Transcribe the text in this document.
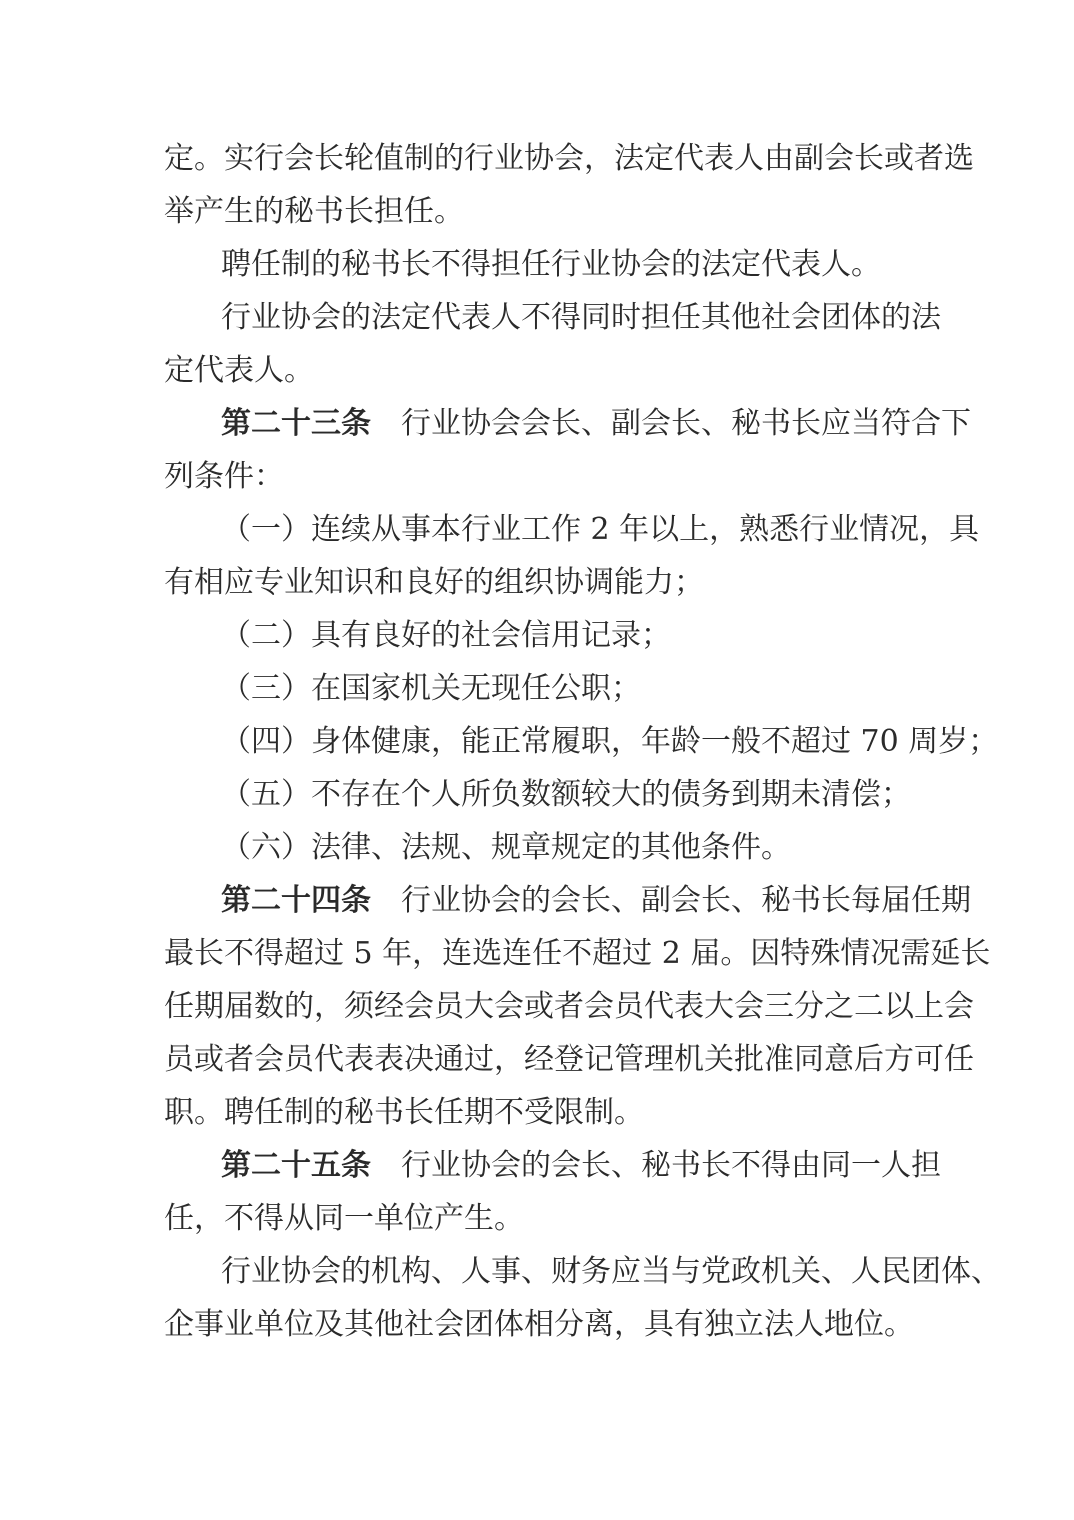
定。实行会长轮值制的行业协会，法定代表人由副会长或者选
举产生的秘书长担任。
聘任制的秘书长不得担任行业协会的法定代表人。
行业协会的法定代表人不得同时担任其他社会团体的法
定代表人。
第二十三条 行业协会会长、副会长、秘书长应当符合下
列条件：
（一）连续从事本行业工作 2 年以上，熟悉行业情况，具
有相应专业知识和良好的组织协调能力；
（二）具有良好的社会信用记录；
（三）在国家机关无现任公职；
（四）身体健康，能正常履职，年龄一般不超过 70 周岁；
（五）不存在个人所负数额较大的债务到期未清偿；
（六）法律、法规、规章规定的其他条件。
第二十四条 行业协会的会长、副会长、秘书长每届任期
最长不得超过 5 年，连选连任不超过 2 届。因特殊情况需延长
任期届数的，须经会员大会或者会员代表大会三分之二以上会
员或者会员代表表决通过，经登记管理机关批准同意后方可任
职。聘任制的秘书长任期不受限制。
第二十五条 行业协会的会长、秘书长不得由同一人担
任，不得从同一单位产生。
行业协会的机构、人事、财务应当与党政机关、人民团体、
企事业单位及其他社会团体相分离，具有独立法人地位。
